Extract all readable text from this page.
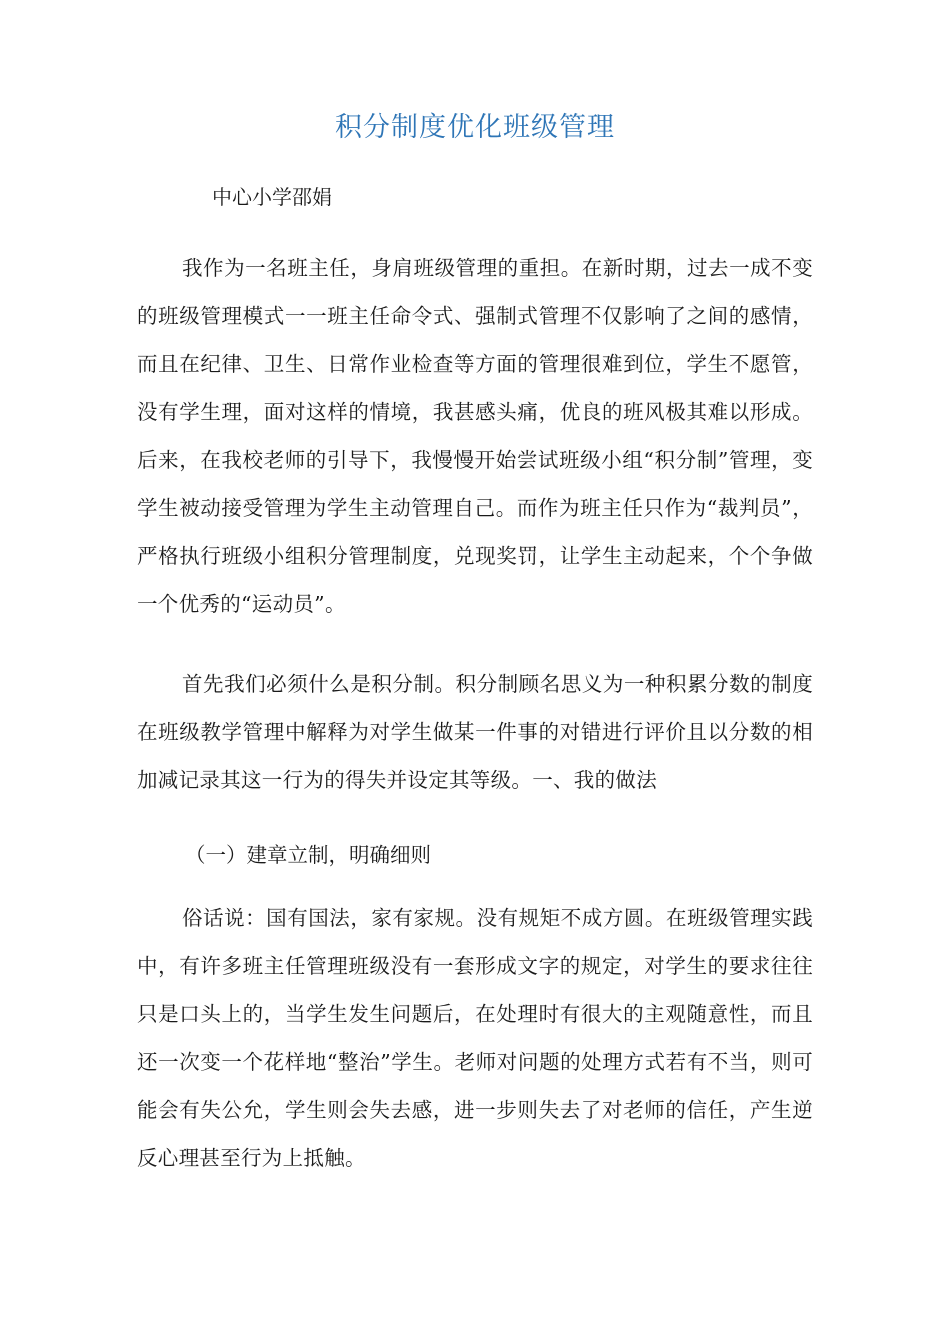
积分制度优化班级管理

中心小学邵娟

我作为一名班主任，身肩班级管理的重担。在新时期，过去一成不变的班级管理模式一一班主任命令式、强制式管理不仅影响了之间的感情，而且在纪律、卫生、日常作业检查等方面的管理很难到位，学生不愿管，没有学生理，面对这样的情境，我甚感头痛，优良的班风极其难以形成。后来，在我校老师的引导下，我慢慢开始尝试班级小组“积分制”管理，变学生被动接受管理为学生主动管理自己。而作为班主任只作为“裁判员”，严格执行班级小组积分管理制度，兑现奖罚，让学生主动起来，个个争做一个优秀的“运动员”。

首先我们必须什么是积分制。积分制顾名思义为一种积累分数的制度在班级教学管理中解释为对学生做某一件事的对错进行评价且以分数的相加减记录其这一行为的得失并设定其等级。一、我的做法

（一）建章立制，明确细则

俗话说：国有国法，家有家规。没有规矩不成方圆。在班级管理实践中，有许多班主任管理班级没有一套形成文字的规定，对学生的要求往往只是口头上的，当学生发生问题后，在处理时有很大的主观随意性，而且还一次变一个花样地“整治”学生。老师对问题的处理方式若有不当，则可能会有失公允，学生则会失去感，进一步则失去了对老师的信任，产生逆反心理甚至行为上抵触。
